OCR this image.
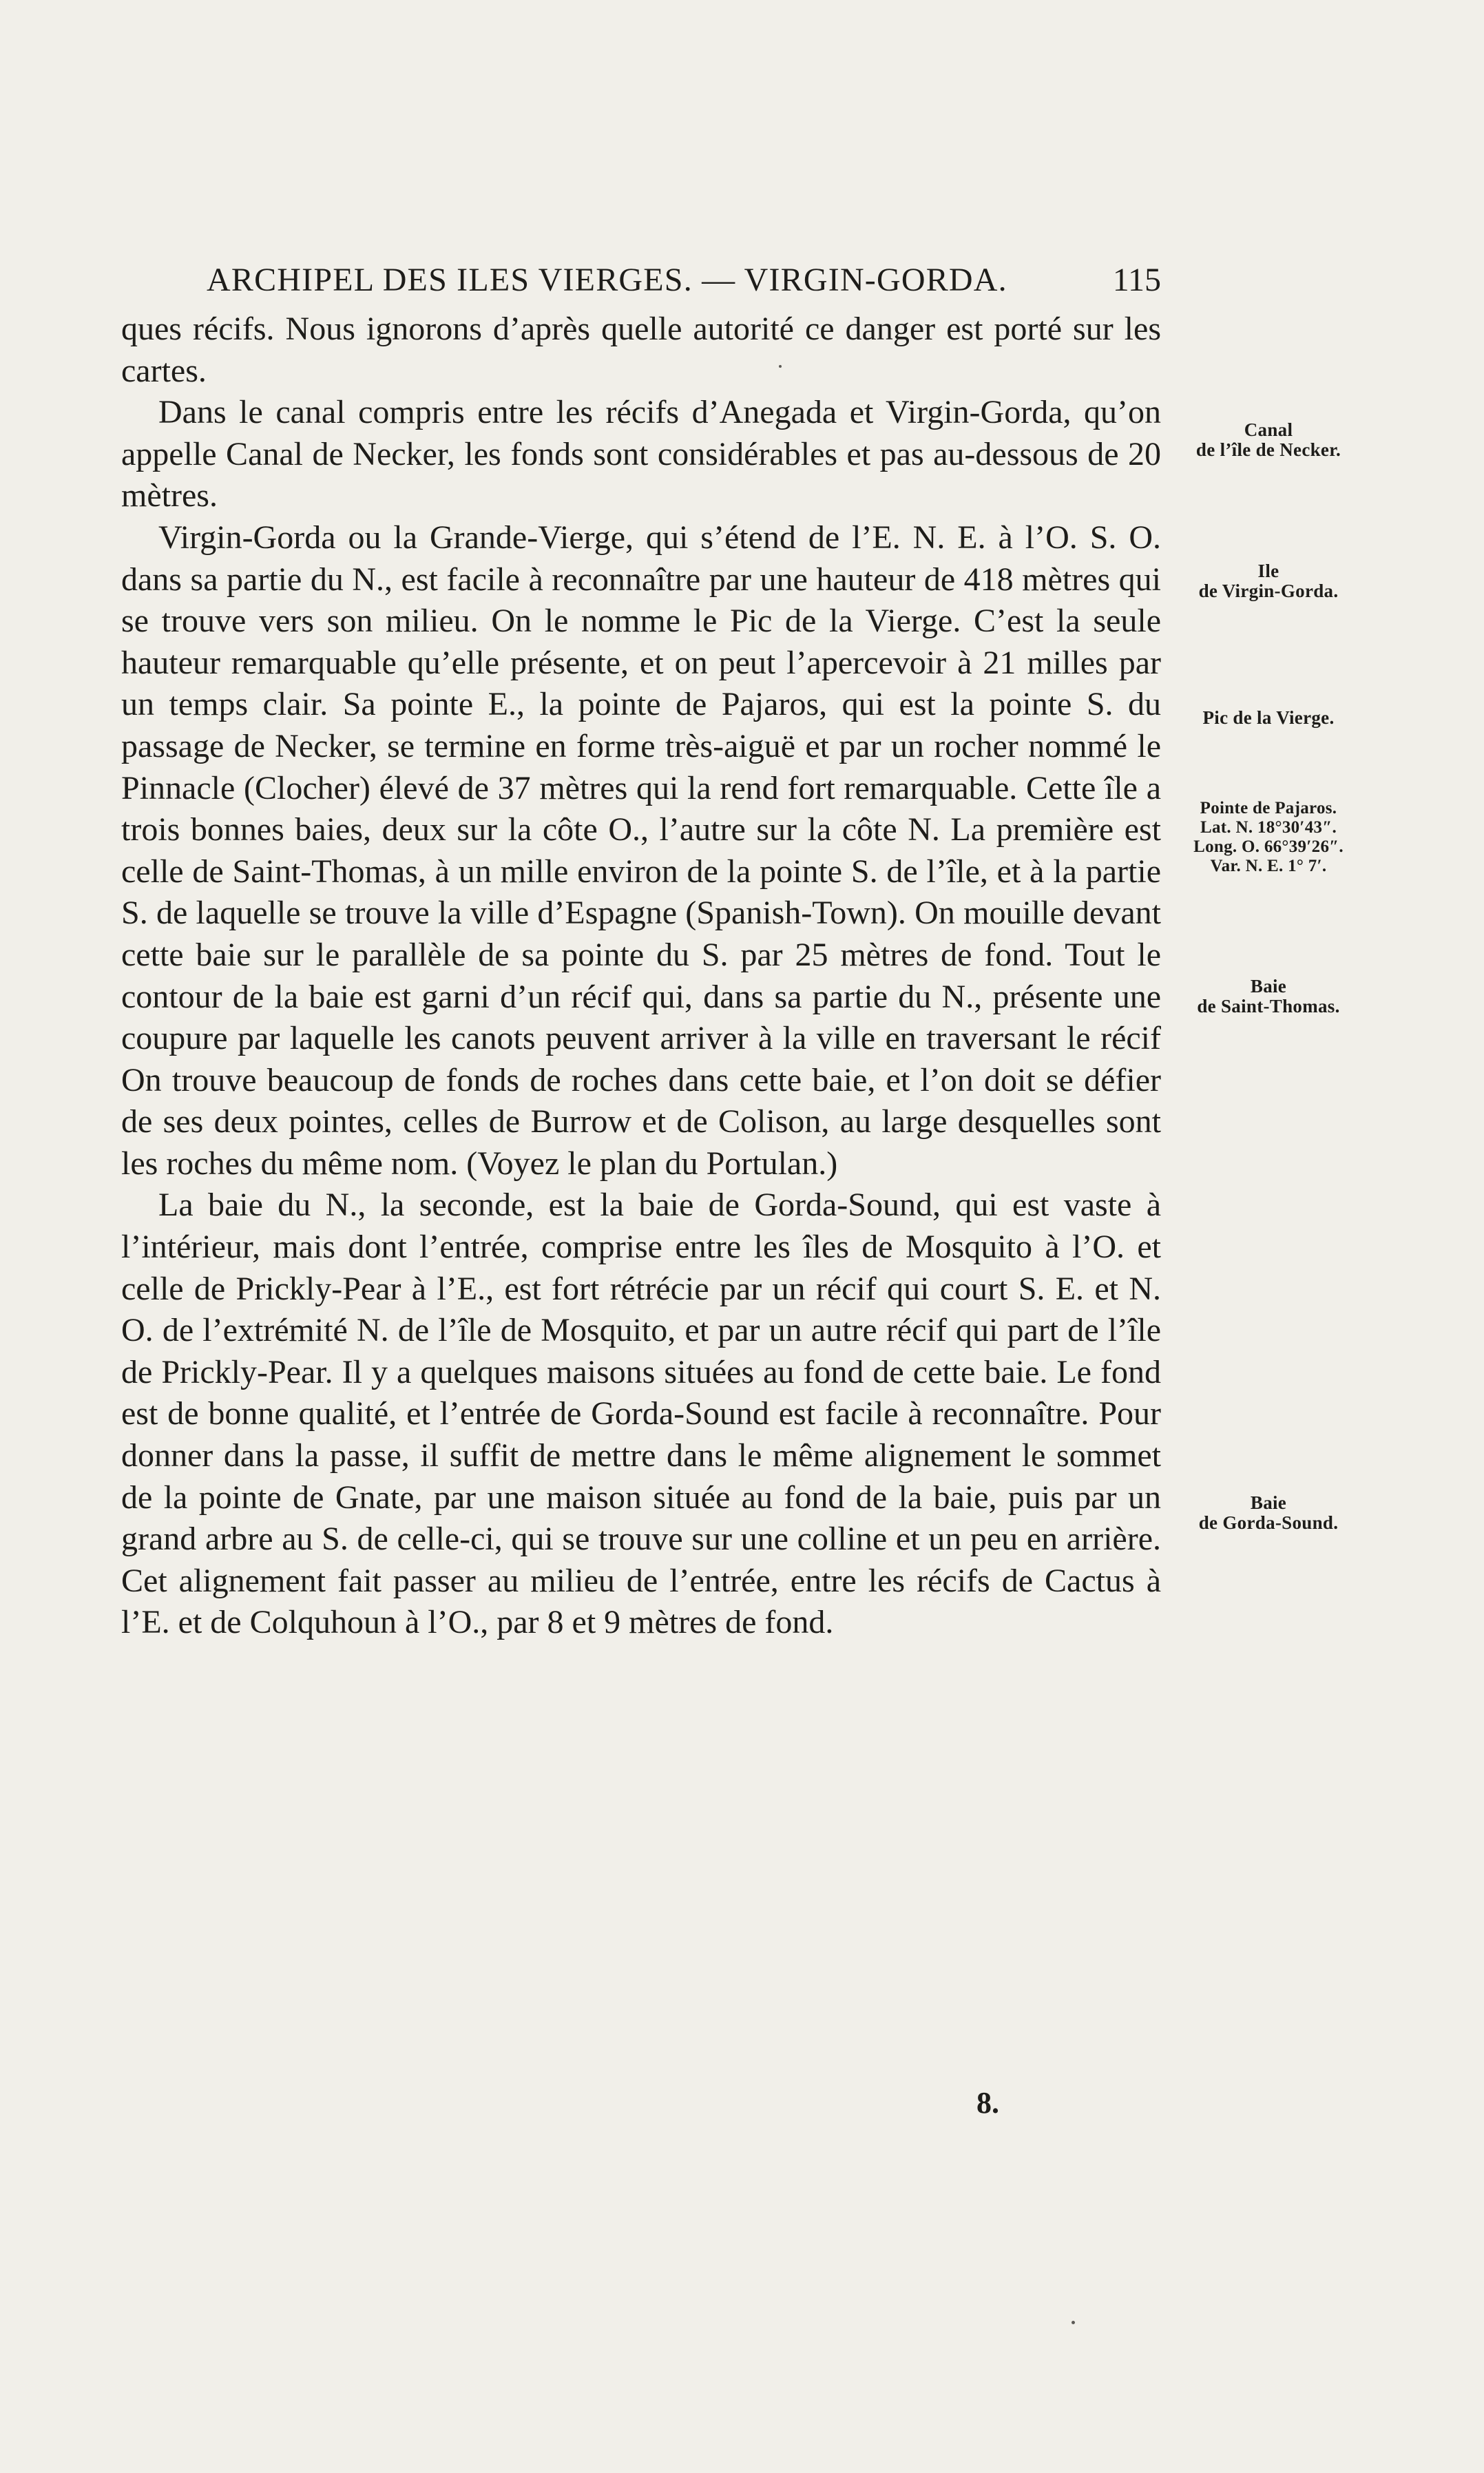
ARCHIPEL DES ILES VIERGES. — VIRGIN-GORDA.	115

ques récifs. Nous ignorons d’après quelle autorité ce danger est porté sur les cartes.

Dans le canal compris entre les récifs d’Anegada et Virgin-Gorda, qu’on appelle Canal de Necker, les fonds sont considérables et pas au-dessous de 20 mètres.

Virgin-Gorda ou la Grande-Vierge, qui s’étend de l’E. N. E. à l’O. S. O. dans sa partie du N., est facile à reconnaître par une hauteur de 418 mètres qui se trouve vers son milieu. On le nomme le Pic de la Vierge. C’est la seule hauteur remarquable qu’elle présente, et on peut l’apercevoir à 21 milles par un temps clair. Sa pointe E., la pointe de Pajaros, qui est la pointe S. du passage de Necker, se termine en forme très-aiguë et par un rocher nommé le Pinnacle (Clocher) élevé de 37 mètres qui la rend fort remarquable. Cette île a trois bonnes baies, deux sur la côte O., l’autre sur la côte N. La première est celle de Saint-Thomas, à un mille environ de la pointe S. de l’île, et à la partie S. de laquelle se trouve la ville d’Espagne (Spanish-Town). On mouille devant cette baie sur le parallèle de sa pointe du S. par 25 mètres de fond. Tout le contour de la baie est garni d’un récif qui, dans sa partie du N., présente une coupure par laquelle les canots peuvent arriver à la ville en traversant le récif On trouve beaucoup de fonds de roches dans cette baie, et l’on doit se défier de ses deux pointes, celles de Burrow et de Colison, au large desquelles sont les roches du même nom. (Voyez le plan du Portulan.)

La baie du N., la seconde, est la baie de Gorda-Sound, qui est vaste à l’intérieur, mais dont l’entrée, comprise entre les îles de Mosquito à l’O. et celle de Prickly-Pear à l’E., est fort rétrécie par un récif qui court S. E. et N. O. de l’extrémité N. de l’île de Mosquito, et par un autre récif qui part de l’île de Prickly-Pear. Il y a quelques maisons situées au fond de cette baie. Le fond est de bonne qualité, et l’entrée de Gorda-Sound est facile à reconnaître. Pour donner dans la passe, il suffit de mettre dans le même alignement le sommet de la pointe de Gnate, par une maison située au fond de la baie, puis par un grand arbre au S. de celle-ci, qui se trouve sur une colline et un peu en arrière. Cet alignement fait passer au milieu de l’entrée, entre les récifs de Cactus à l’E. et de Colquhoun à l’O., par 8 et 9 mètres de fond.

Canal
de l’île de Necker.
Ile
de Virgin-Gorda.
Pic de la Vierge.
Pointe de Pajaros.
Lat. N. 18°30′43″.
Long. O. 66°39′26″.
Var. N. E. 1° 7′.
Baie
de Saint-Thomas.
Baie
de Gorda-Sound.
8.
